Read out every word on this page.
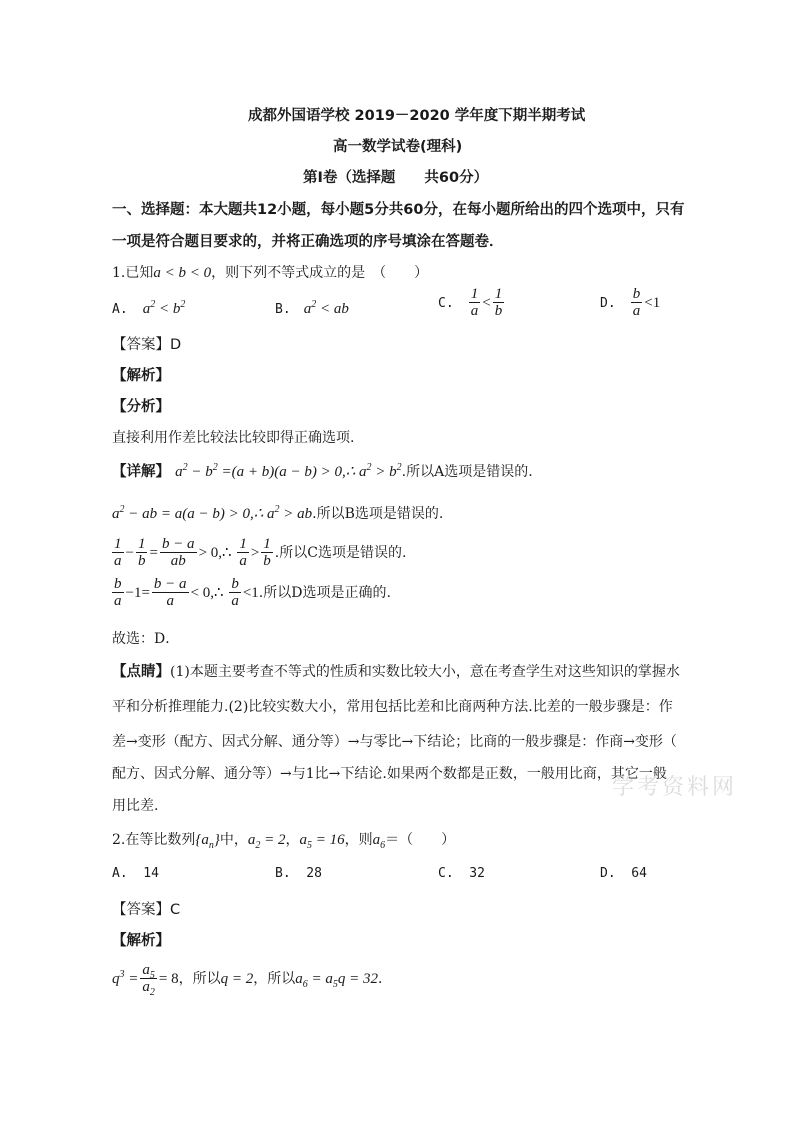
成都外国语学校 2019－2020 学年度下期半期考试
高一数学试卷(理科)
第Ⅰ卷（选择题　　共60分）
一、选择题：本大题共12小题，每小题5分共60分，在每小题所给出的四个选项中，只有
一项是符合题目要求的，并将正确选项的序号填涂在答题卷．
1.已知a < b < 0，则下列不等式成立的是　（　　）
A. $a^2 < b^2$	B. $a^2$ < ab	C. $\frac{1}{a} < \frac{1}{b}$	D. $\frac{b}{a} <1$
【答案】D
【解析】
【分析】
直接利用作差比较法比较即得正确选项.
【详解】 $a^2 - b^2 =(a + b)(a - b)$ > 0,∴ $a^2 > b^2$.所以A选项是错误的.
$a^2$ − ab = a(a − b) > 0,∴ $a^2$ > ab.所以B选项是错误的.
$\frac{1}{a} - \frac{1}{b} = \frac{b - a}{ab}$ > 0,∴ $\frac{1}{a} > \frac{1}{b}$ .所以C选项是错误的.
$\frac{b}{a} -1= \frac{b - a}{a}$ < 0,∴ $\frac{b}{a} <1$.所以D选项是正确的.
故选：D．
【点睛】(1)本题主要考查不等式的性质和实数比较大小，意在考查学生对这些知识的掌握水
平和分析推理能力.(2)比较实数大小，常用包括比差和比商两种方法.比差的一般步骤是：作
差→变形（配方、因式分解、通分等）→与零比→下结论；比商的一般步骤是：作商→变形（
配方、因式分解、通分等）→与1比→下结论.如果两个数都是正数，一般用比商，其它一般
用比差.
学考资料网
2.在等比数列$\{a_n\}$中，$a_2 = 2$，$a_5 = 16$，则$a_6=$（　　）
A.  14	B.  28	C.  32	D.  64
【答案】C
【解析】
$q^3 = \frac{a_5}{a_2} = 8$，所以q = 2，所以$a_6 = a_5q = 32$．
